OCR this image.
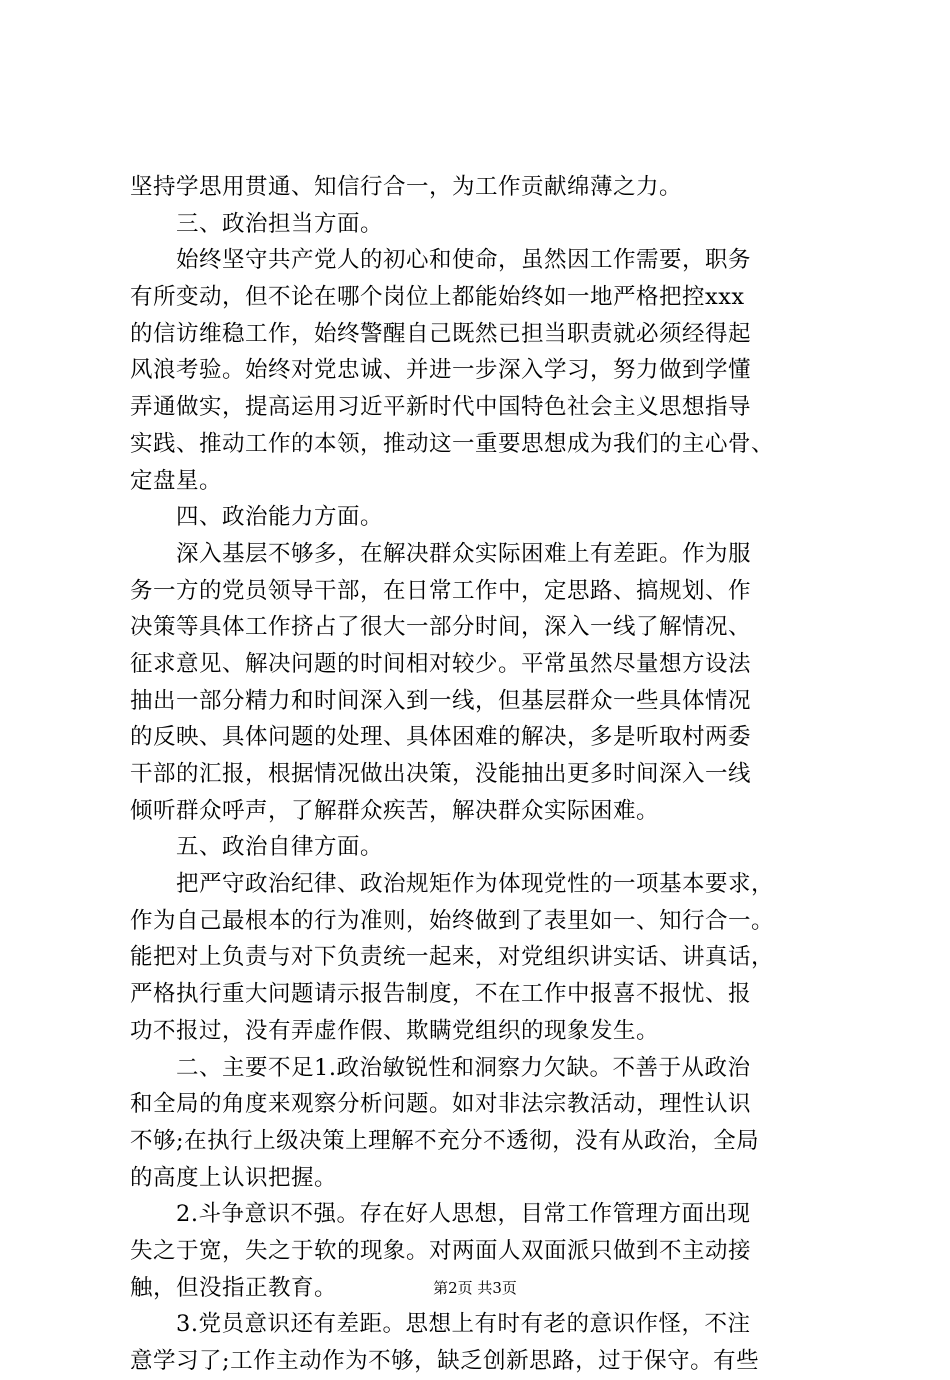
坚持学思用贯通、知信行合一，为工作贡献绵薄之力。
三、政治担当方面。
始终坚守共产党人的初心和使命，虽然因工作需要，职务
有所变动，但不论在哪个岗位上都能始终如一地严格把控xxx
的信访维稳工作，始终警醒自己既然已担当职责就必须经得起
风浪考验。始终对党忠诚、并进一步深入学习，努力做到学懂
弄通做实，提高运用习近平新时代中国特色社会主义思想指导
实践、推动工作的本领，推动这一重要思想成为我们的主心骨、
定盘星。
四、政治能力方面。
深入基层不够多，在解决群众实际困难上有差距。作为服
务一方的党员领导干部，在日常工作中，定思路、搞规划、作
决策等具体工作挤占了很大一部分时间，深入一线了解情况、
征求意见、解决问题的时间相对较少。平常虽然尽量想方设法
抽出一部分精力和时间深入到一线，但基层群众一些具体情况
的反映、具体问题的处理、具体困难的解决，多是听取村两委
干部的汇报，根据情况做出决策，没能抽出更多时间深入一线
倾听群众呼声，了解群众疾苦，解决群众实际困难。
五、政治自律方面。
把严守政治纪律、政治规矩作为体现党性的一项基本要求，
作为自己最根本的行为准则，始终做到了表里如一、知行合一。
能把对上负责与对下负责统一起来，对党组织讲实话、讲真话，
严格执行重大问题请示报告制度，不在工作中报喜不报忧、报
功不报过，没有弄虚作假、欺瞒党组织的现象发生。
二、主要不足1.政治敏锐性和洞察力欠缺。不善于从政治
和全局的角度来观察分析问题。如对非法宗教活动，理性认识
不够;在执行上级决策上理解不充分不透彻，没有从政治，全局
的高度上认识把握。
2.斗争意识不强。存在好人思想，目常工作管理方面出现
失之于宽，失之于软的现象。对两面人双面派只做到不主动接
触，但没指正教育。
3.党员意识还有差距。思想上有时有老的意识作怪，不注
意学习了;工作主动作为不够，缺乏创新思路，过于保守。有些
第2页 共3页
